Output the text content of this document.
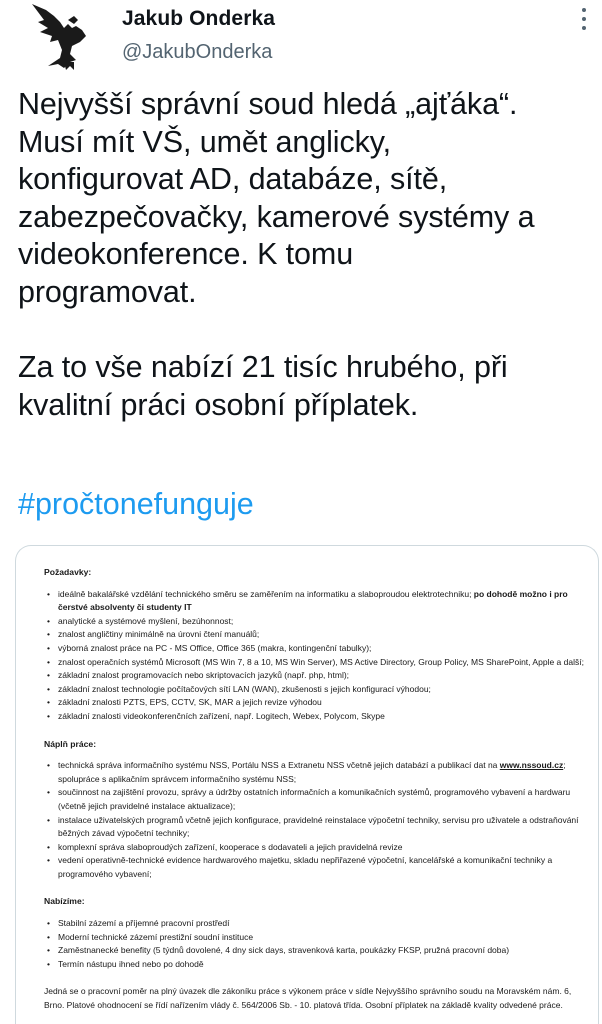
Jakub Onderka
@JakubOnderka
Nejvyšší správní soud hledá „ajťáka“.
Musí mít VŠ, umět anglicky,
konfigurovat AD, databáze, sítě,
zabezpečovačky, kamerové systémy a
videokonference. K tomu
programovat.

Za to vše nabízí 21 tisíc hrubého, při
kvalitní práci osobní příplatek.
#pročtonefunguje
Požadavky:
• ideálně bakalářské vzdělání technického směru se zaměřením na informatiku a slaboproudou elektrotechniku; po dohodě možno i pro čerstvé absolventy či studenty IT
• analytické a systémové myšlení, bezúhonnost;
• znalost angličtiny minimálně na úrovni čtení manuálů;
• výborná znalost práce na PC - MS Office, Office 365 (makra, kontingenční tabulky);
• znalost operačních systémů Microsoft (MS Win 7, 8 a 10, MS Win Server), MS Active Directory, Group Policy, MS SharePoint, Apple a další;
• základní znalost programovacích nebo skriptovacích jazyků (např. php, html);
• základní znalost technologie počítačových sítí LAN (WAN), zkušenosti s jejich konfigurací výhodou;
• základní znalosti PZTS, EPS, CCTV, SK, MAR a jejich revize výhodou
• základní znalosti videokonferenčních zařízení, např. Logitech, Webex, Polycom, Skype
Náplň práce:
• technická správa informačního systému NSS, Portálu NSS a Extranetu NSS včetně jejich databází a publikací dat na www.nssoud.cz; spolupráce s aplikačním správcem informačního systému NSS;
• součinnost na zajištění provozu, správy a údržby ostatních informačních a komunikačních systémů, programového vybavení a hardwaru (včetně jejich pravidelné instalace aktualizace);
• instalace uživatelských programů včetně jejich konfigurace, pravidelné reinstalace výpočetní techniky, servisu pro uživatele a odstraňování běžných závad výpočetní techniky;
• komplexní správa slaboproudých zařízení, kooperace s dodavateli a jejich pravidelná revize
• vedení operativně-technické evidence hardwarového majetku, skladu nepřiřazené výpočetní, kancelářské a komunikační techniky a programového vybavení;
Nabízíme:
• Stabilní zázemí a příjemné pracovní prostředí
• Moderní technické zázemí prestižní soudní instituce
• Zaměstnanecké benefity (5 týdnů dovolené, 4 dny sick days, stravenková karta, poukázky FKSP, pružná pracovní doba)
• Termín nástupu ihned nebo po dohodě

Jedná se o pracovní poměr na plný úvazek dle zákoníku práce s výkonem práce v sídle Nejvyššího správního soudu na Moravském nám. 6, Brno. Platové ohodnocení se řídí nařízením vlády č. 564/2006 Sb. - 10. platová třída. Osobní příplatek na základě kvality odvedené práce.
